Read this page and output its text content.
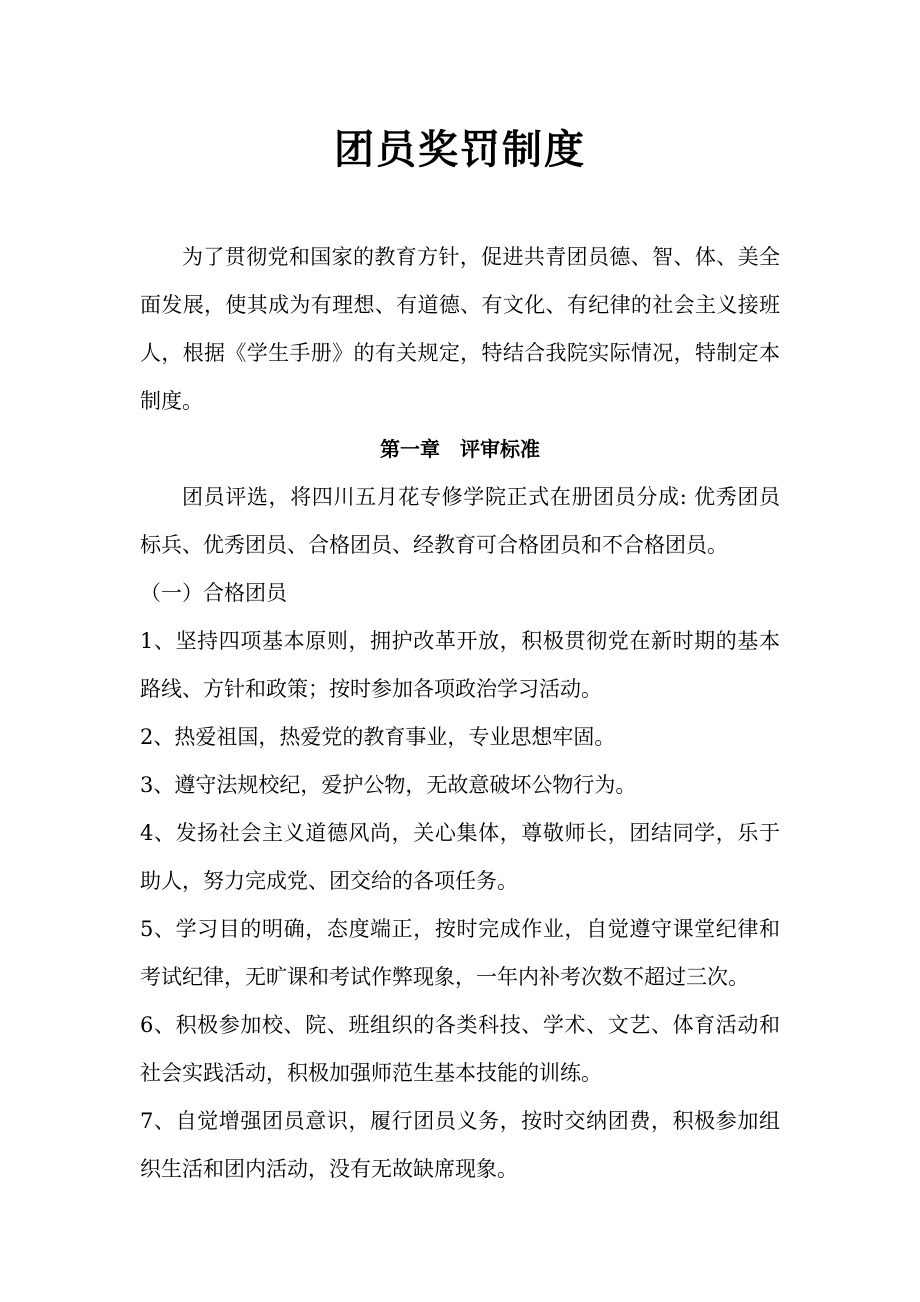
团员奖罚制度

为了贯彻党和国家的教育方针，促进共青团员德、智、体、美全面发展，使其成为有理想、有道德、有文化、有纪律的社会主义接班人，根据《学生手册》的有关规定，特结合我院实际情况，特制定本制度。

第一章　评审标准

团员评选，将四川五月花专修学院正式在册团员分成: 优秀团员标兵、优秀团员、合格团员、经教育可合格团员和不合格团员。

（一）合格团员

1、坚持四项基本原则，拥护改革开放，积极贯彻党在新时期的基本路线、方针和政策；按时参加各项政治学习活动。

2、热爱祖国，热爱党的教育事业，专业思想牢固。

3、遵守法规校纪，爱护公物，无故意破坏公物行为。

4、发扬社会主义道德风尚，关心集体，尊敬师长，团结同学，乐于助人，努力完成党、团交给的各项任务。

5、学习目的明确，态度端正，按时完成作业，自觉遵守课堂纪律和考试纪律，无旷课和考试作弊现象，一年内补考次数不超过三次。

6、积极参加校、院、班组织的各类科技、学术、文艺、体育活动和社会实践活动，积极加强师范生基本技能的训练。

7、自觉增强团员意识，履行团员义务，按时交纳团费，积极参加组织生活和团内活动，没有无故缺席现象。
